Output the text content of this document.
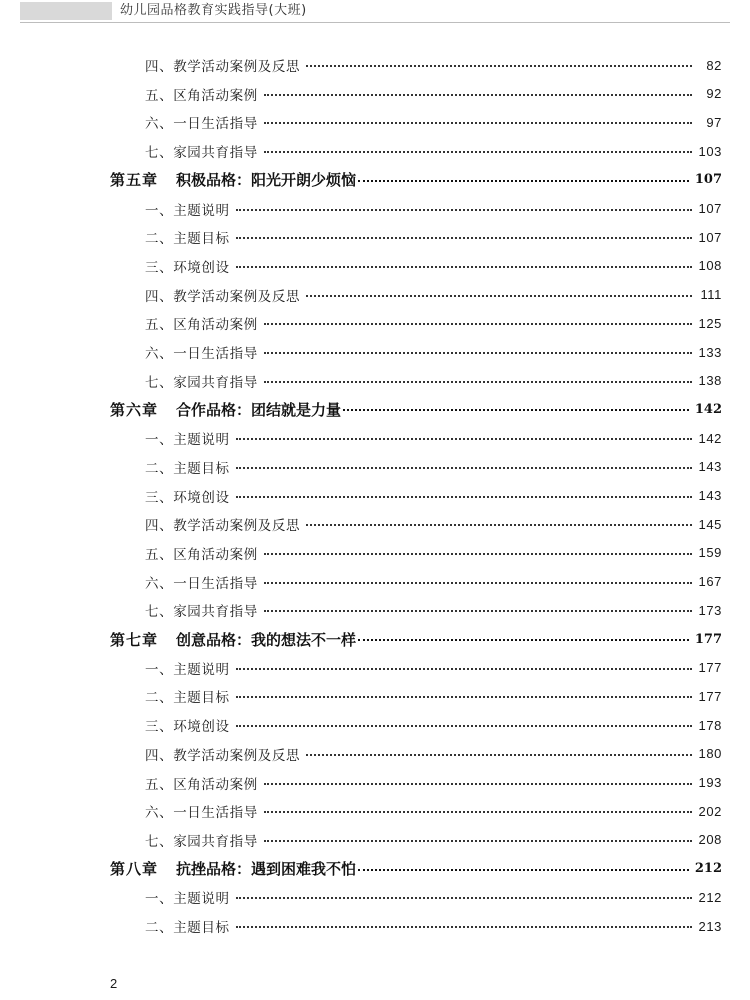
幼儿园品格教育实践指导(大班)
四、教学活动案例及反思	82
五、区角活动案例	92
六、一日生活指导	97
七、家园共育指导	103
第五章 积极品格：阳光开朗少烦恼	107
一、主题说明	107
二、主题目标	107
三、环境创设	108
四、教学活动案例及反思	111
五、区角活动案例	125
六、一日生活指导	133
七、家园共育指导	138
第六章 合作品格：团结就是力量	142
一、主题说明	142
二、主题目标	143
三、环境创设	143
四、教学活动案例及反思	145
五、区角活动案例	159
六、一日生活指导	167
七、家园共育指导	173
第七章 创意品格：我的想法不一样	177
一、主题说明	177
二、主题目标	177
三、环境创设	178
四、教学活动案例及反思	180
五、区角活动案例	193
六、一日生活指导	202
七、家园共育指导	208
第八章 抗挫品格：遇到困难我不怕	212
一、主题说明	212
二、主题目标	213
2
